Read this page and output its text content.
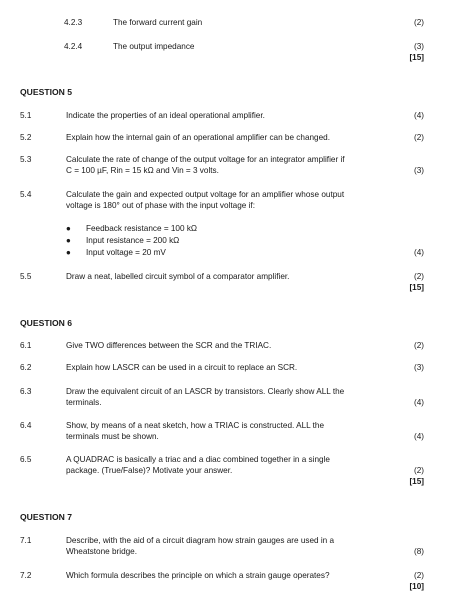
4.2.3	The forward current gain	(2)
4.2.4	The output impedance	(3)
[15]
QUESTION 5
5.1	Indicate the properties of an ideal operational amplifier.	(4)
5.2	Explain how the internal gain of an operational amplifier can be changed.	(2)
5.3	Calculate the rate of change of the output voltage for an integrator amplifier if
C = 100 µF, Rin = 15 kΩ and Vin = 3 volts.	(3)
5.4	Calculate the gain and expected output voltage for an amplifier whose output
voltage is 180° out of phase with the input voltage if:
● Feedback resistance = 100 kΩ
● Input resistance = 200 kΩ
● Input voltage = 20 mV	(4)
5.5	Draw a neat, labelled circuit symbol of a comparator amplifier.	(2)
[15]
QUESTION 6
6.1	Give TWO differences between the SCR and the TRIAC.	(2)
6.2	Explain how LASCR can be used in a circuit to replace an SCR.	(3)
6.3	Draw the equivalent circuit of an LASCR by transistors. Clearly show ALL the
terminals.	(4)
6.4	Show, by means of a neat sketch, how a TRIAC is constructed. ALL the
terminals must be shown.	(4)
6.5	A QUADRAC is basically a triac and a diac combined together in a single
package. (True/False)? Motivate your answer.	(2)
[15]
QUESTION 7
7.1	Describe, with the aid of a circuit diagram how strain gauges are used in a
Wheatstone bridge.	(8)
7.2	Which formula describes the principle on which a strain gauge operates?	(2)
[10]
